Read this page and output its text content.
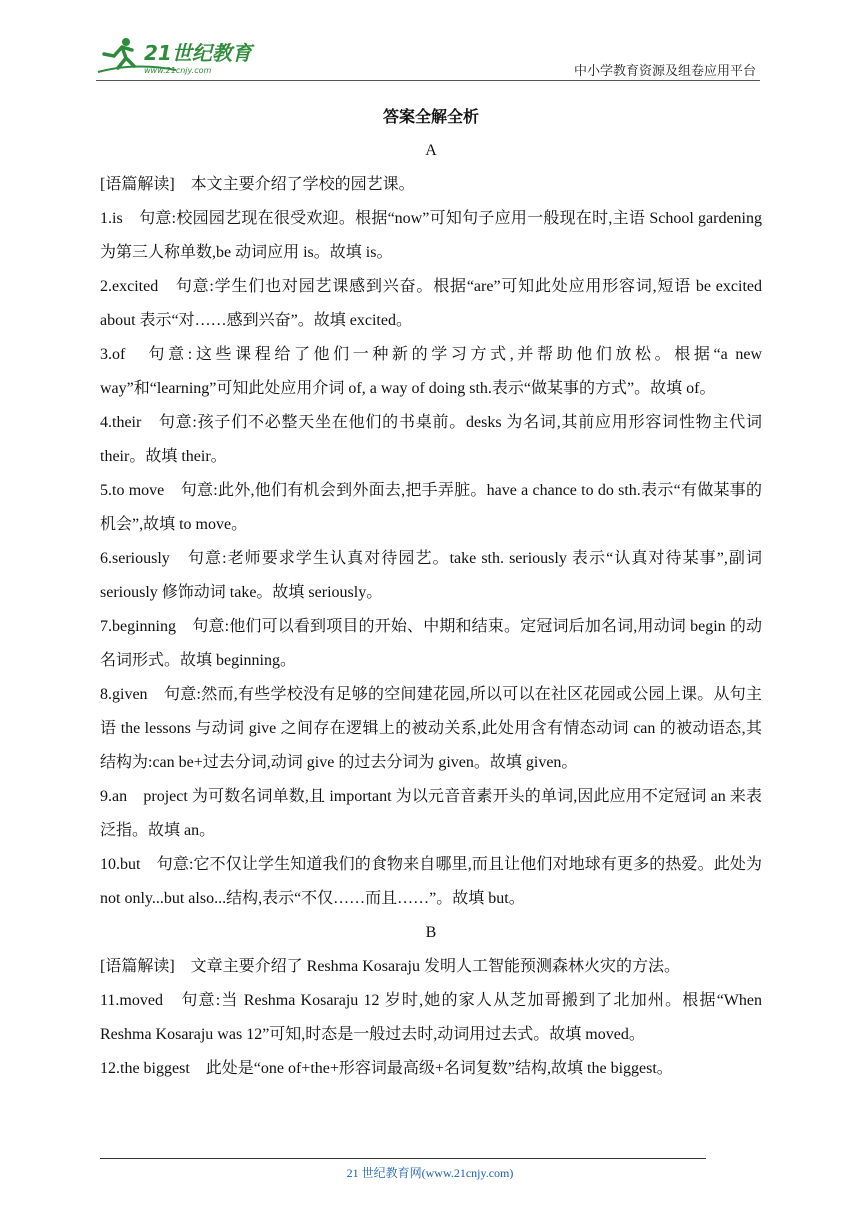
21世纪教育
www.21cnjy.com	中小学教育资源及组卷应用平台

答案全解全析

A

[语篇解读]　本文主要介绍了学校的园艺课。

1.is　句意:校园园艺现在很受欢迎。根据“now”可知句子应用一般现在时,主语 School gardening 为第三人称单数,be 动词应用 is。故填 is。

2.excited　句意:学生们也对园艺课感到兴奋。根据“are”可知此处应用形容词,短语 be excited about 表示“对……感到兴奋”。故填 excited。

3.of　句意:这些课程给了他们一种新的学习方式,并帮助他们放松。根据“a new way”和“learning”可知此处应用介词 of, a way of doing sth.表示“做某事的方式”。故填 of。

4.their　句意:孩子们不必整天坐在他们的书桌前。desks 为名词,其前应用形容词性物主代词 their。故填 their。

5.to move　句意:此外,他们有机会到外面去,把手弄脏。have a chance to do sth.表示“有做某事的机会”,故填 to move。

6.seriously　句意:老师要求学生认真对待园艺。take sth. seriously 表示“认真对待某事”,副词 seriously 修饰动词 take。故填 seriously。

7.beginning　句意:他们可以看到项目的开始、中期和结束。定冠词后加名词,用动词 begin 的动名词形式。故填 beginning。

8.given　句意:然而,有些学校没有足够的空间建花园,所以可以在社区花园或公园上课。从句主语 the lessons 与动词 give 之间存在逻辑上的被动关系,此处用含有情态动词 can 的被动语态,其结构为:can be+过去分词,动词 give 的过去分词为 given。故填 given。

9.an　project 为可数名词单数,且 important 为以元音音素开头的单词,因此应用不定冠词 an 来表泛指。故填 an。

10.but　句意:它不仅让学生知道我们的食物来自哪里,而且让他们对地球有更多的热爱。此处为 not only...but also...结构,表示“不仅……而且……”。故填 but。

B

[语篇解读]　文章主要介绍了 Reshma Kosaraju 发明人工智能预测森林火灾的方法。

11.moved　句意:当 Reshma Kosaraju 12 岁时,她的家人从芝加哥搬到了北加州。根据“When Reshma Kosaraju was 12”可知,时态是一般过去时,动词用过去式。故填 moved。

12.the biggest　此处是“one of+the+形容词最高级+名词复数”结构,故填 the biggest。

21 世纪教育网(www.21cnjy.com)
